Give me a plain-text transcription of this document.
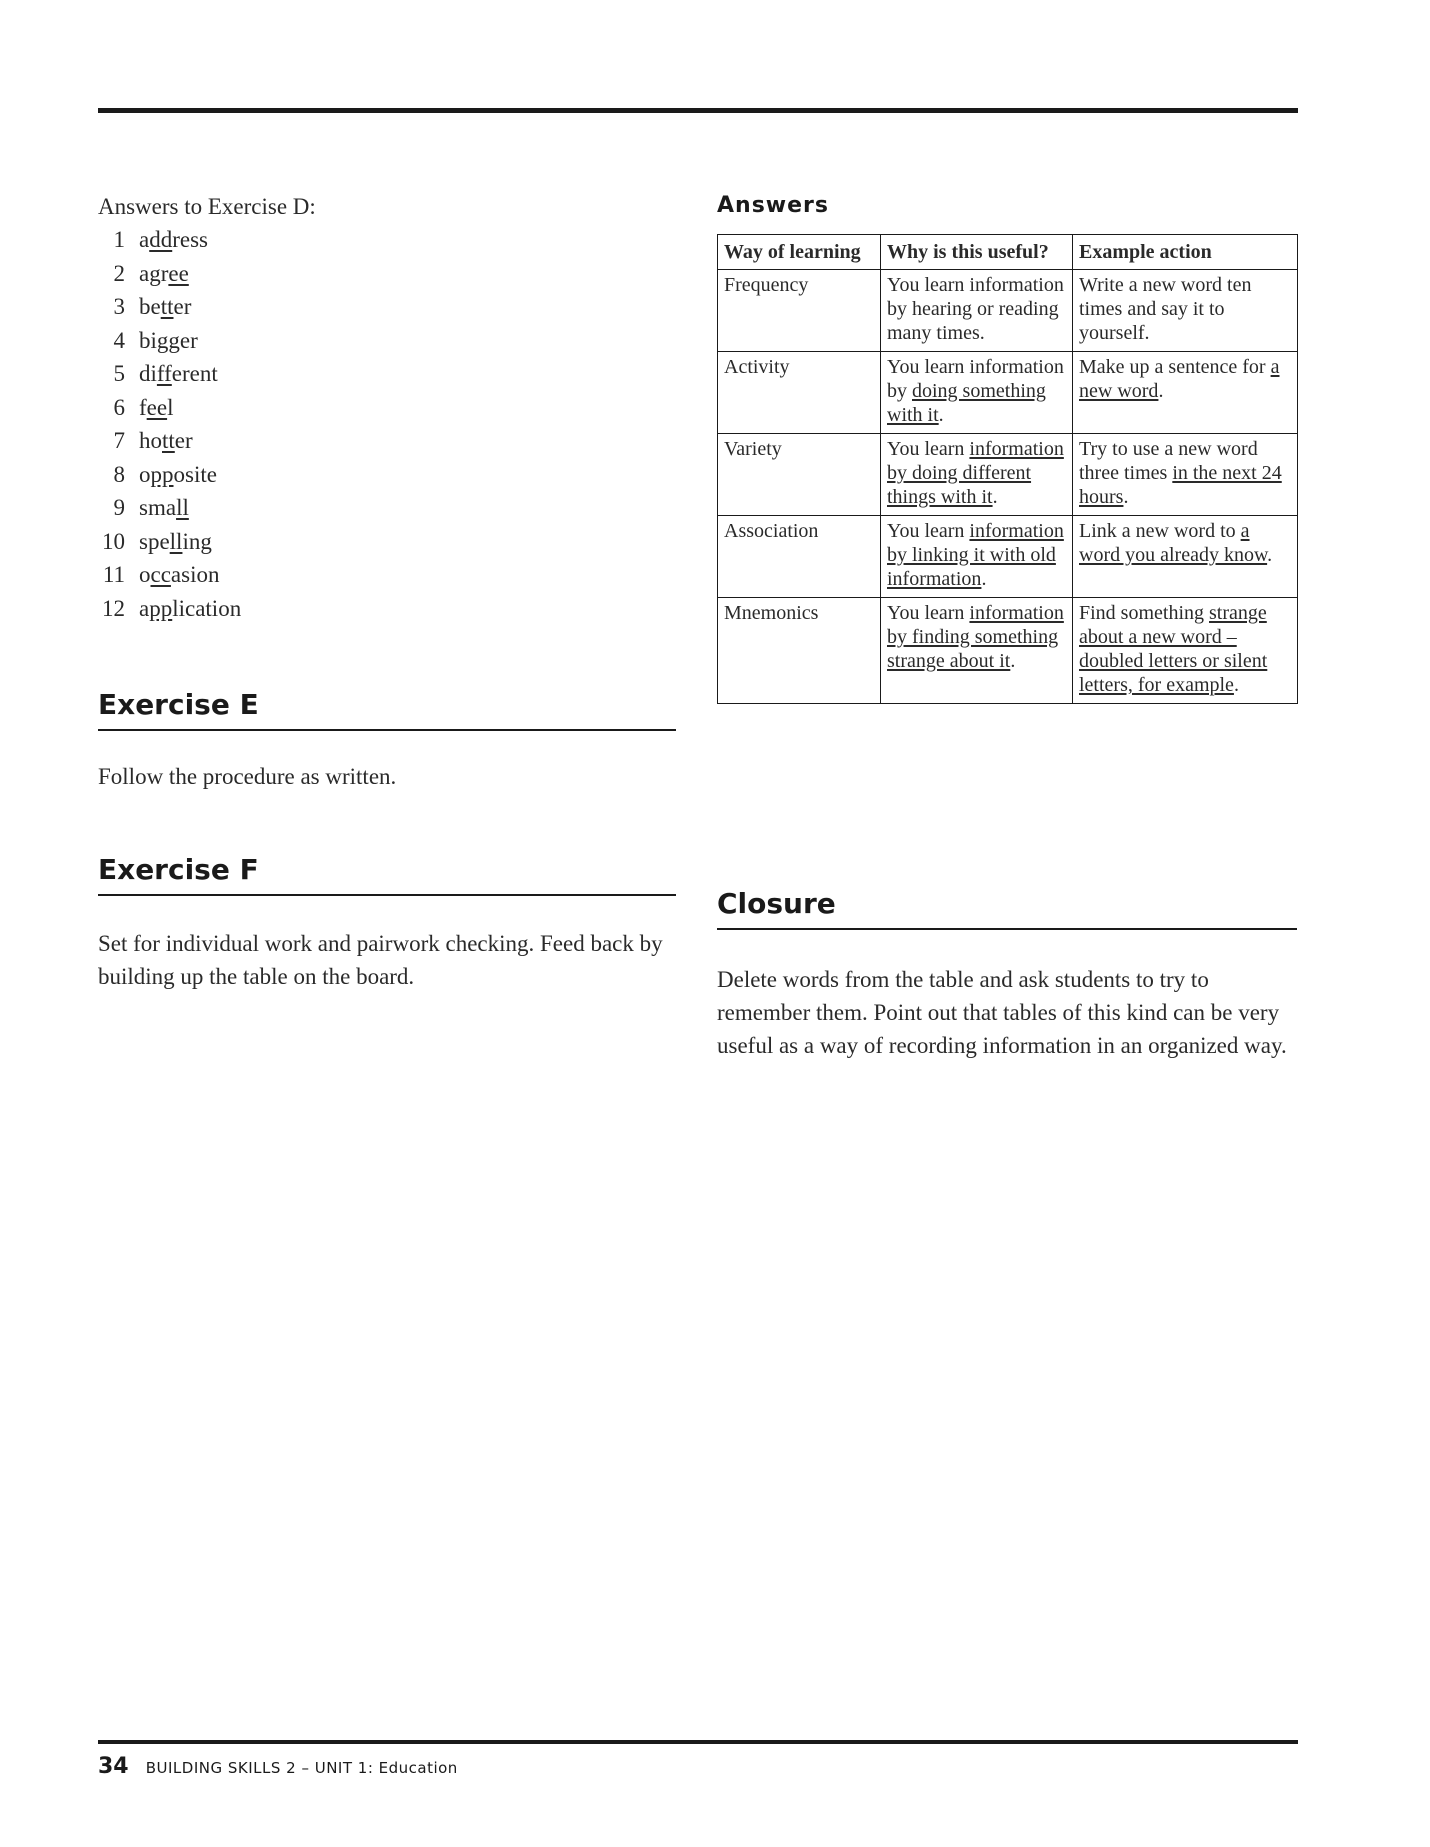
Answers to Exercise D:

1 address
2 agree
3 better
4 bigger
5 different
6 feel
7 hotter
8 opposite
9 small
10 spelling
11 occasion
12 application
Exercise E

Follow the procedure as written.

Exercise F

Set for individual work and pairwork checking. Feed back by building up the table on the board.

Answers
Way of learning	Why is this useful?	Example action
Frequency	You learn information by hearing or reading many times.	Write a new word ten times and say it to yourself.
Activity	You learn information by doing something with it.	Make up a sentence for a new word.
Variety	You learn information by doing different things with it.	Try to use a new word three times in the next 24 hours.
Association	You learn information by linking it with old information.	Link a new word to a word you already know.
Mnemonics	You learn information by finding something strange about it.	Find something strange about a new word – doubled letters or silent letters, for example.
Closure

Delete words from the table and ask students to try to remember them. Point out that tables of this kind can be very useful as a way of recording information in an organized way.

34 BUILDING SKILLS 2 – UNIT 1: Education
